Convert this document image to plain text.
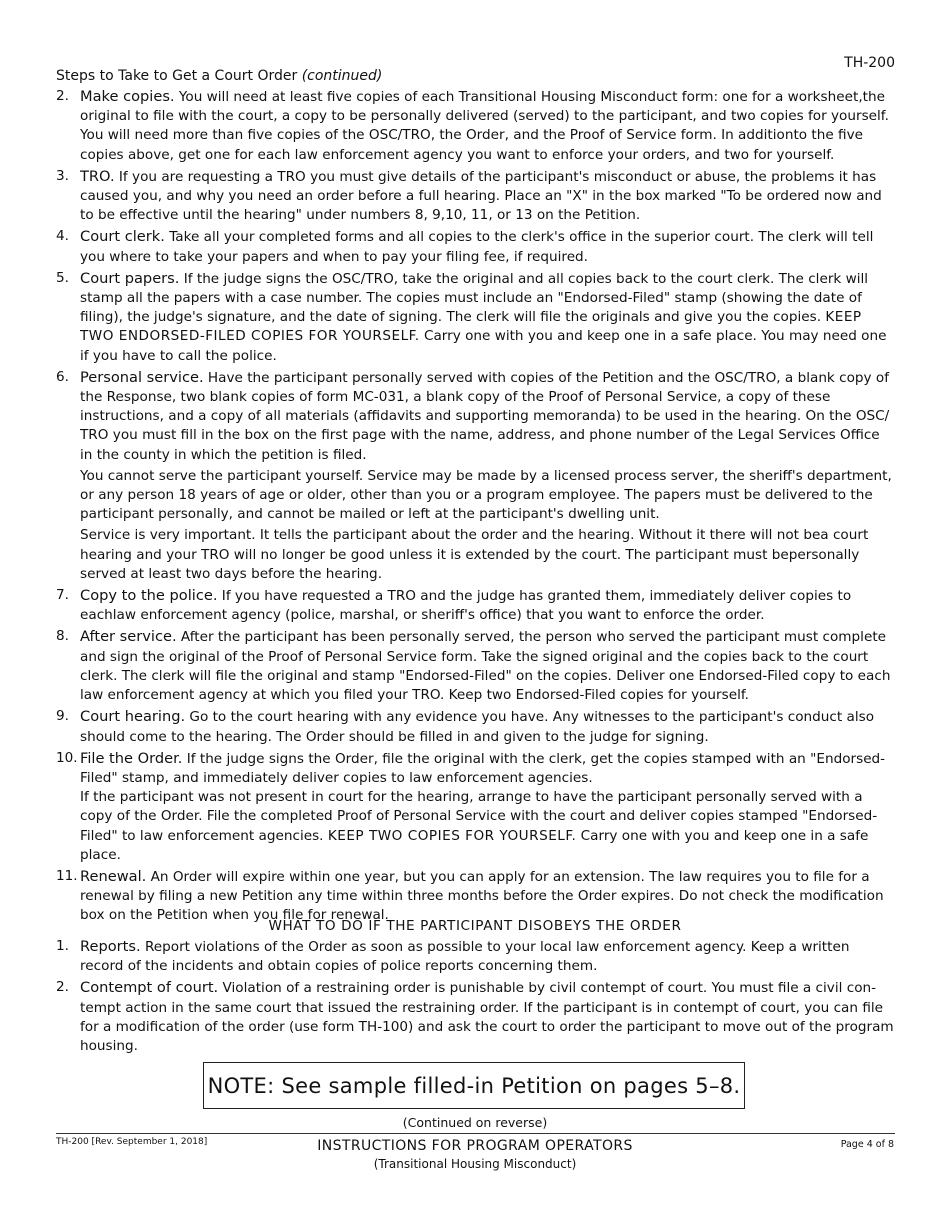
TH-200
Steps to Take to Get a Court Order (continued)
2. Make copies. You will need at least five copies of each Transitional Housing Misconduct form: one for a worksheet,the original to file with the court, a copy to be personally delivered (served) to the participant, and two copies for yourself. You will need more than five copies of the OSC/TRO, the Order, and the Proof of Service form. In additionto the five copies above, get one for each law enforcement agency you want to enforce your orders, and two for yourself.
3. TRO. If you are requesting a TRO you must give details of the participant's misconduct or abuse, the problems it has caused you, and why you need an order before a full hearing. Place an "X" in the box marked "To be ordered now and to be effective until the hearing" under numbers 8, 9,10, 11, or 13 on the Petition.
4. Court clerk. Take all your completed forms and all copies to the clerk's office in the superior court. The clerk will tell you where to take your papers and when to pay your filing fee, if required.
5. Court papers. If the judge signs the OSC/TRO, take the original and all copies back to the court clerk. The clerk will stamp all the papers with a case number. The copies must include an "Endorsed-Filed" stamp (showing the date of filing), the judge's signature, and the date of signing. The clerk will file the originals and give you the copies. KEEP TWO ENDORSED-FILED COPIES FOR YOURSELF. Carry one with you and keep one in a safe place. You may need one if you have to call the police.
6. Personal service. Have the participant personally served with copies of the Petition and the OSC/TRO, a blank copy of the Response, two blank copies of form MC-031, a blank copy of the Proof of Personal Service, a copy of these instructions, and a copy of all materials (affidavits and supporting memoranda) to be used in the hearing. On the OSC/ TRO you must fill in the box on the first page with the name, address, and phone number of the Legal Services Office in the county in which the petition is filed.

You cannot serve the participant yourself. Service may be made by a licensed process server, the sheriff's department, or any person 18 years of age or older, other than you or a program employee. The papers must be delivered to the participant personally, and cannot be mailed or left at the participant's dwelling unit.

Service is very important. It tells the participant about the order and the hearing. Without it there will not bea court hearing and your TRO will no longer be good unless it is extended by the court. The participant must bepersonally served at least two days before the hearing.

7. Copy to the police. If you have requested a TRO and the judge has granted them, immediately deliver copies to eachlaw enforcement agency (police, marshal, or sheriff's office) that you want to enforce the order.
8. After service. After the participant has been personally served, the person who served the participant must complete and sign the original of the Proof of Personal Service form. Take the signed original and the copies back to the court clerk. The clerk will file the original and stamp "Endorsed-Filed" on the copies. Deliver one Endorsed-Filed copy to each law enforcement agency at which you filed your TRO. Keep two Endorsed-Filed copies for yourself.
9. Court hearing. Go to the court hearing with any evidence you have. Any witnesses to the participant's conduct also should come to the hearing. The Order should be filled in and given to the judge for signing.
10. File the Order. If the judge signs the Order, file the original with the clerk, get the copies stamped with an "Endorsed-Filed" stamp, and immediately deliver copies to law enforcement agencies.
If the participant was not present in court for the hearing, arrange to have the participant personally served with a copy of the Order. File the completed Proof of Personal Service with the court and deliver copies stamped "Endorsed-Filed" to law enforcement agencies. KEEP TWO COPIES FOR YOURSELF. Carry one with you and keep one in a safe place.
11. Renewal. An Order will expire within one year, but you can apply for an extension. The law requires you to file for a renewal by filing a new Petition any time within three months before the Order expires. Do not check the modification box on the Petition when you file for renewal.
WHAT TO DO IF THE PARTICIPANT DISOBEYS THE ORDER
1. Reports. Report violations of the Order as soon as possible to your local law enforcement agency. Keep a written record of the incidents and obtain copies of police reports concerning them.
2. Contempt of court. Violation of a restraining order is punishable by civil contempt of court. You must file a civil con-tempt action in the same court that issued the restraining order. If the participant is in contempt of court, you can file for a modification of the order (use form TH-100) and ask the court to order the participant to move out of the program housing.
NOTE: See sample filled-in Petition on pages 5–8.
(Continued on reverse)
TH-200 [Rev. September 1, 2018]	INSTRUCTIONS FOR PROGRAM OPERATORS
(Transitional Housing Misconduct)
Page 4 of 8
